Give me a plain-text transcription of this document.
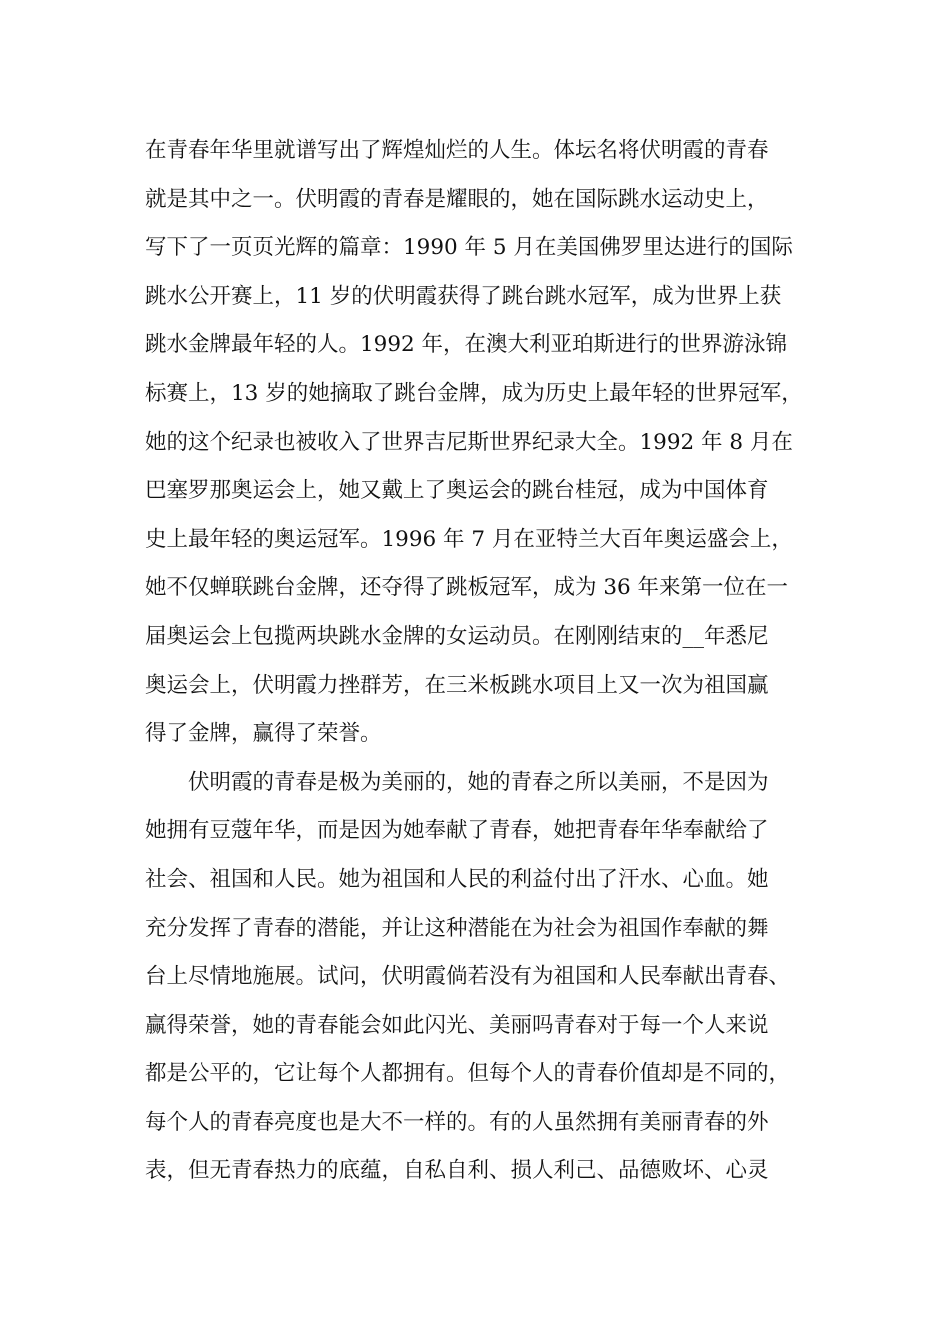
在青春年华里就谱写出了辉煌灿烂的人生。体坛名将伏明霞的青春
就是其中之一。伏明霞的青春是耀眼的，她在国际跳水运动史上，
写下了一页页光辉的篇章：1990 年 5 月在美国佛罗里达进行的国际
跳水公开赛上，11 岁的伏明霞获得了跳台跳水冠军，成为世界上获
跳水金牌最年轻的人。1992 年，在澳大利亚珀斯进行的世界游泳锦
标赛上，13 岁的她摘取了跳台金牌，成为历史上最年轻的世界冠军，
她的这个纪录也被收入了世界吉尼斯世界纪录大全。1992 年 8 月在
巴塞罗那奥运会上，她又戴上了奥运会的跳台桂冠，成为中国体育
史上最年轻的奥运冠军。1996 年 7 月在亚特兰大百年奥运盛会上，
她不仅蝉联跳台金牌，还夺得了跳板冠军，成为 36 年来第一位在一
届奥运会上包揽两块跳水金牌的女运动员。在刚刚结束的__年悉尼
奥运会上，伏明霞力挫群芳，在三米板跳水项目上又一次为祖国赢
得了金牌，赢得了荣誉。
伏明霞的青春是极为美丽的，她的青春之所以美丽，不是因为
她拥有豆蔻年华，而是因为她奉献了青春，她把青春年华奉献给了
社会、祖国和人民。她为祖国和人民的利益付出了汗水、心血。她
充分发挥了青春的潜能，并让这种潜能在为社会为祖国作奉献的舞
台上尽情地施展。试问，伏明霞倘若没有为祖国和人民奉献出青春、
赢得荣誉，她的青春能会如此闪光、美丽吗青春对于每一个人来说
都是公平的，它让每个人都拥有。但每个人的青春价值却是不同的，
每个人的青春亮度也是大不一样的。有的人虽然拥有美丽青春的外
表，但无青春热力的底蕴，自私自利、损人利己、品德败坏、心灵
